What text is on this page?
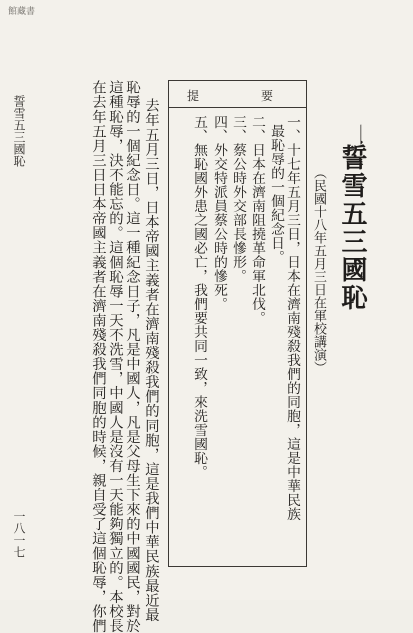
館藏書
一
誓雪五三國恥
（民國十八年五月三日在軍校講演）
提	要
一、十七年五月三日，日本在濟南殘殺我們的同胞，這是中華民族
最恥辱的一個紀念日。
二、日本在濟南阻撓革命軍北伐。
三、蔡公時外交部長慘形。
四、外交特派員蔡公時的慘死。
五、無恥國外患之國必亡，我們要共同一致，來洗雪國恥。
去年五月三日，日本帝國主義者在濟南殘殺我們的同胞，這是我們中華民族最近最
恥辱的一個紀念日。這一種紀念日子，凡是中國人，凡是父母生下來的中國國民，對於
這種恥辱，決不能忘的。這個恥辱一天不洗雪，中國人是沒有一天能夠獨立的。本校長
在去年五月三日日本帝國主義者在濟南殘殺我們同胞的時候，親自受了這個恥辱，你們
誓雪五三國恥
一八一七
